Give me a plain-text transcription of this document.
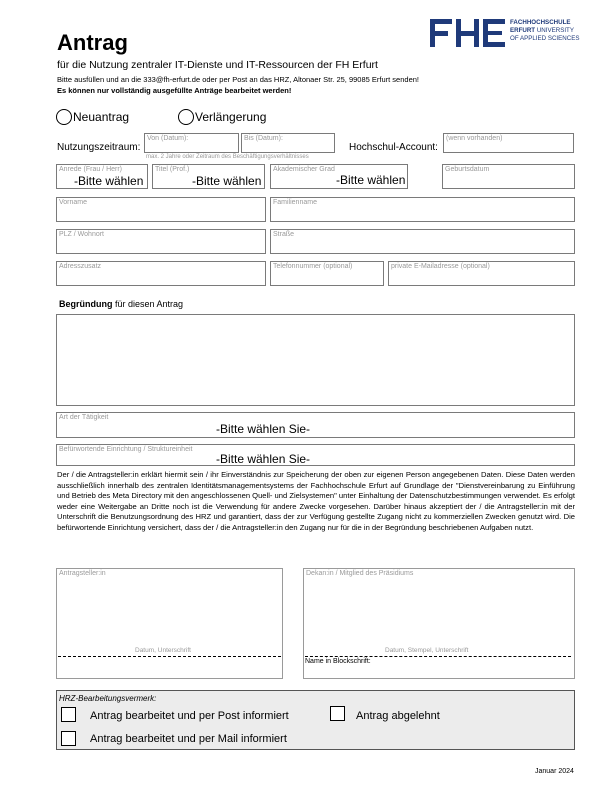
Antrag
für die Nutzung zentraler IT-Dienste und IT-Ressourcen der FH Erfurt
Bitte ausfüllen und an die 333@fh-erfurt.de oder per Post an das HRZ, Altonaer Str. 25, 99085 Erfurt senden!
Es können nur vollständig ausgefüllte Anträge bearbeitet werden!
FACHHOCHSCHULE
ERFURT UNIVERSITY
OF APPLIED SCIENCES
Neuantrag	Verlängerung
Nutzungszeitraum:
Von (Datum):	Bis (Datum):
max. 2 Jahre oder Zeitraum des Beschäftigungsverhältnisses
Hochschul-Account:
(wenn vorhanden)
Anrede (Frau / Herr)
-Bitte wählen
Titel (Prof.)
-Bitte wählen
Akademischer Grad
-Bitte wählen
Geburtsdatum
Vorname	Familienname
PLZ / Wohnort	Straße
Adresszusatz	Telefonnummer (optional)	private E-Mailadresse (optional)
Begründung für diesen Antrag
Art der Tätigkeit
-Bitte wählen Sie-
Befürwortende Einrichtung / Struktureinheit
-Bitte wählen Sie-
Der / die Antragsteller:in erklärt hiermit sein / ihr Einverständnis zur Speicherung der oben zur eigenen Person angegebenen Daten. Diese Daten werden ausschließlich innerhalb des zentralen Identitätsmanagementsystems der Fachhochschule Erfurt auf Grundlage der "Dienstvereinbarung zu Einführung und Betrieb des Meta Directory mit den angeschlossenen Quell- und Zielsystemen" unter Einhaltung der Datenschutzbestimmungen verwendet. Es erfolgt weder eine Weitergabe an Dritte noch ist die Verwendung für andere Zwecke vorgesehen. Darüber hinaus akzeptiert der / die Antragsteller:in mit der Unterschrift die Benutzungsordnung des HRZ und garantiert, dass der zur Verfügung gestellte Zugang nicht zu kommerziellen Zwecken genutzt wird. Die befürwortende Einrichtung versichert, dass der / die Antragsteller:in den Zugang nur für die in der Begründung beschriebenen Aufgaben nutzt.
Antragsteller:in
Datum, Unterschrift
Dekan:in / Mitglied des Präsidiums
Datum, Stempel, Unterschrift
Name in Blockschrift:
HRZ-Bearbeitungsvermerk:
Antrag bearbeitet und per Post informiert	Antrag abgelehnt
Antrag bearbeitet und per Mail informiert
Januar 2024
